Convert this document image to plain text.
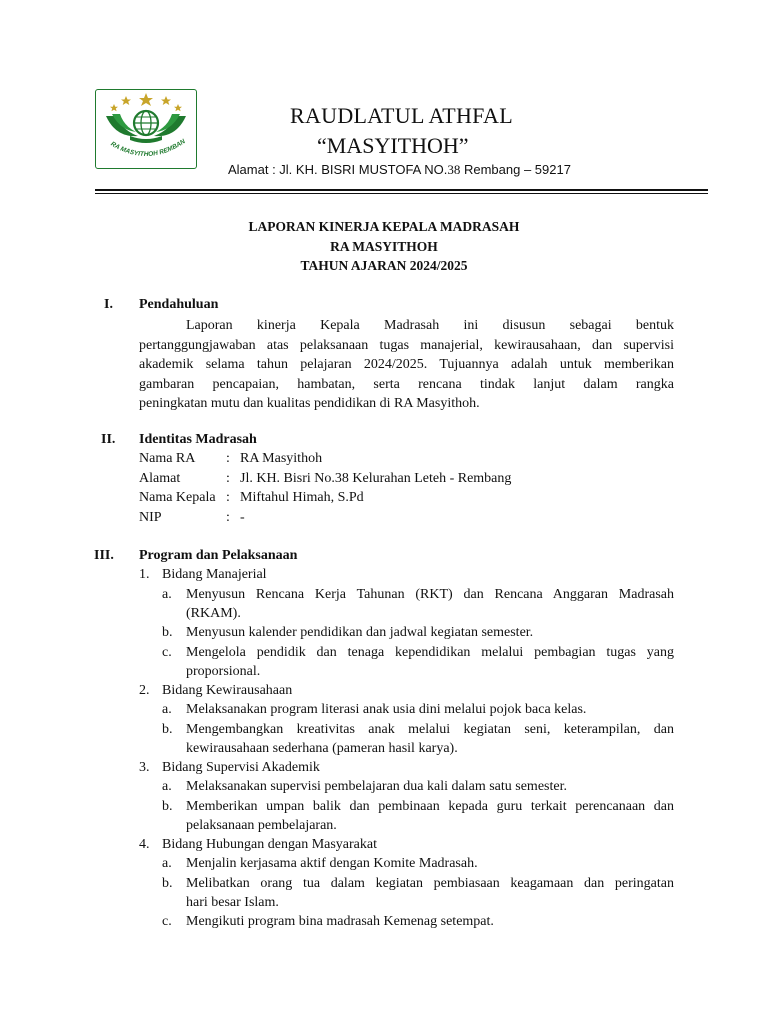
RA MASYITHOH REMBAN
RAUDLATUL ATHFAL
“MASYITHOH”
Alamat : Jl. KH. BISRI MUSTOFA NO.38 Rembang – 59217
LAPORAN KINERJA KEPALA MADRASAH
RA MASYITHOH
TAHUN AJARAN 2024/2025
I. Pendahuluan
Laporan kinerja Kepala Madrasah ini disusun sebagai bentuk
pertanggungjawaban atas pelaksanaan tugas manajerial, kewirausahaan, dan supervisi
akademik selama tahun pelajaran 2024/2025. Tujuannya adalah untuk memberikan
gambaran pencapaian, hambatan, serta rencana tindak lanjut dalam rangka
peningkatan mutu dan kualitas pendidikan di RA Masyithoh.
II. Identitas Madrasah
Nama RA : RA Masyithoh
Alamat	: Jl. KH. Bisri No.38 Kelurahan Leteh - Rembang
Nama Kepala : Miftahul Himah, S.Pd
NIP	: -
III. Program dan Pelaksanaan
1. Bidang Manajerial
a. Menyusun Rencana Kerja Tahunan (RKT) dan Rencana Anggaran Madrasah
(RKAM).
b. Menyusun kalender pendidikan dan jadwal kegiatan semester.
c. Mengelola pendidik dan tenaga kependidikan melalui pembagian tugas yang
proporsional.
2. Bidang Kewirausahaan
a. Melaksanakan program literasi anak usia dini melalui pojok baca kelas.
b. Mengembangkan kreativitas anak melalui kegiatan seni, keterampilan, dan
kewirausahaan sederhana (pameran hasil karya).
3. Bidang Supervisi Akademik
a. Melaksanakan supervisi pembelajaran dua kali dalam satu semester.
b. Memberikan umpan balik dan pembinaan kepada guru terkait perencanaan dan
pelaksanaan pembelajaran.
4. Bidang Hubungan dengan Masyarakat
a. Menjalin kerjasama aktif dengan Komite Madrasah.
b. Melibatkan orang tua dalam kegiatan pembiasaan keagamaan dan peringatan
hari besar Islam.
c. Mengikuti program bina madrasah Kemenag setempat.
